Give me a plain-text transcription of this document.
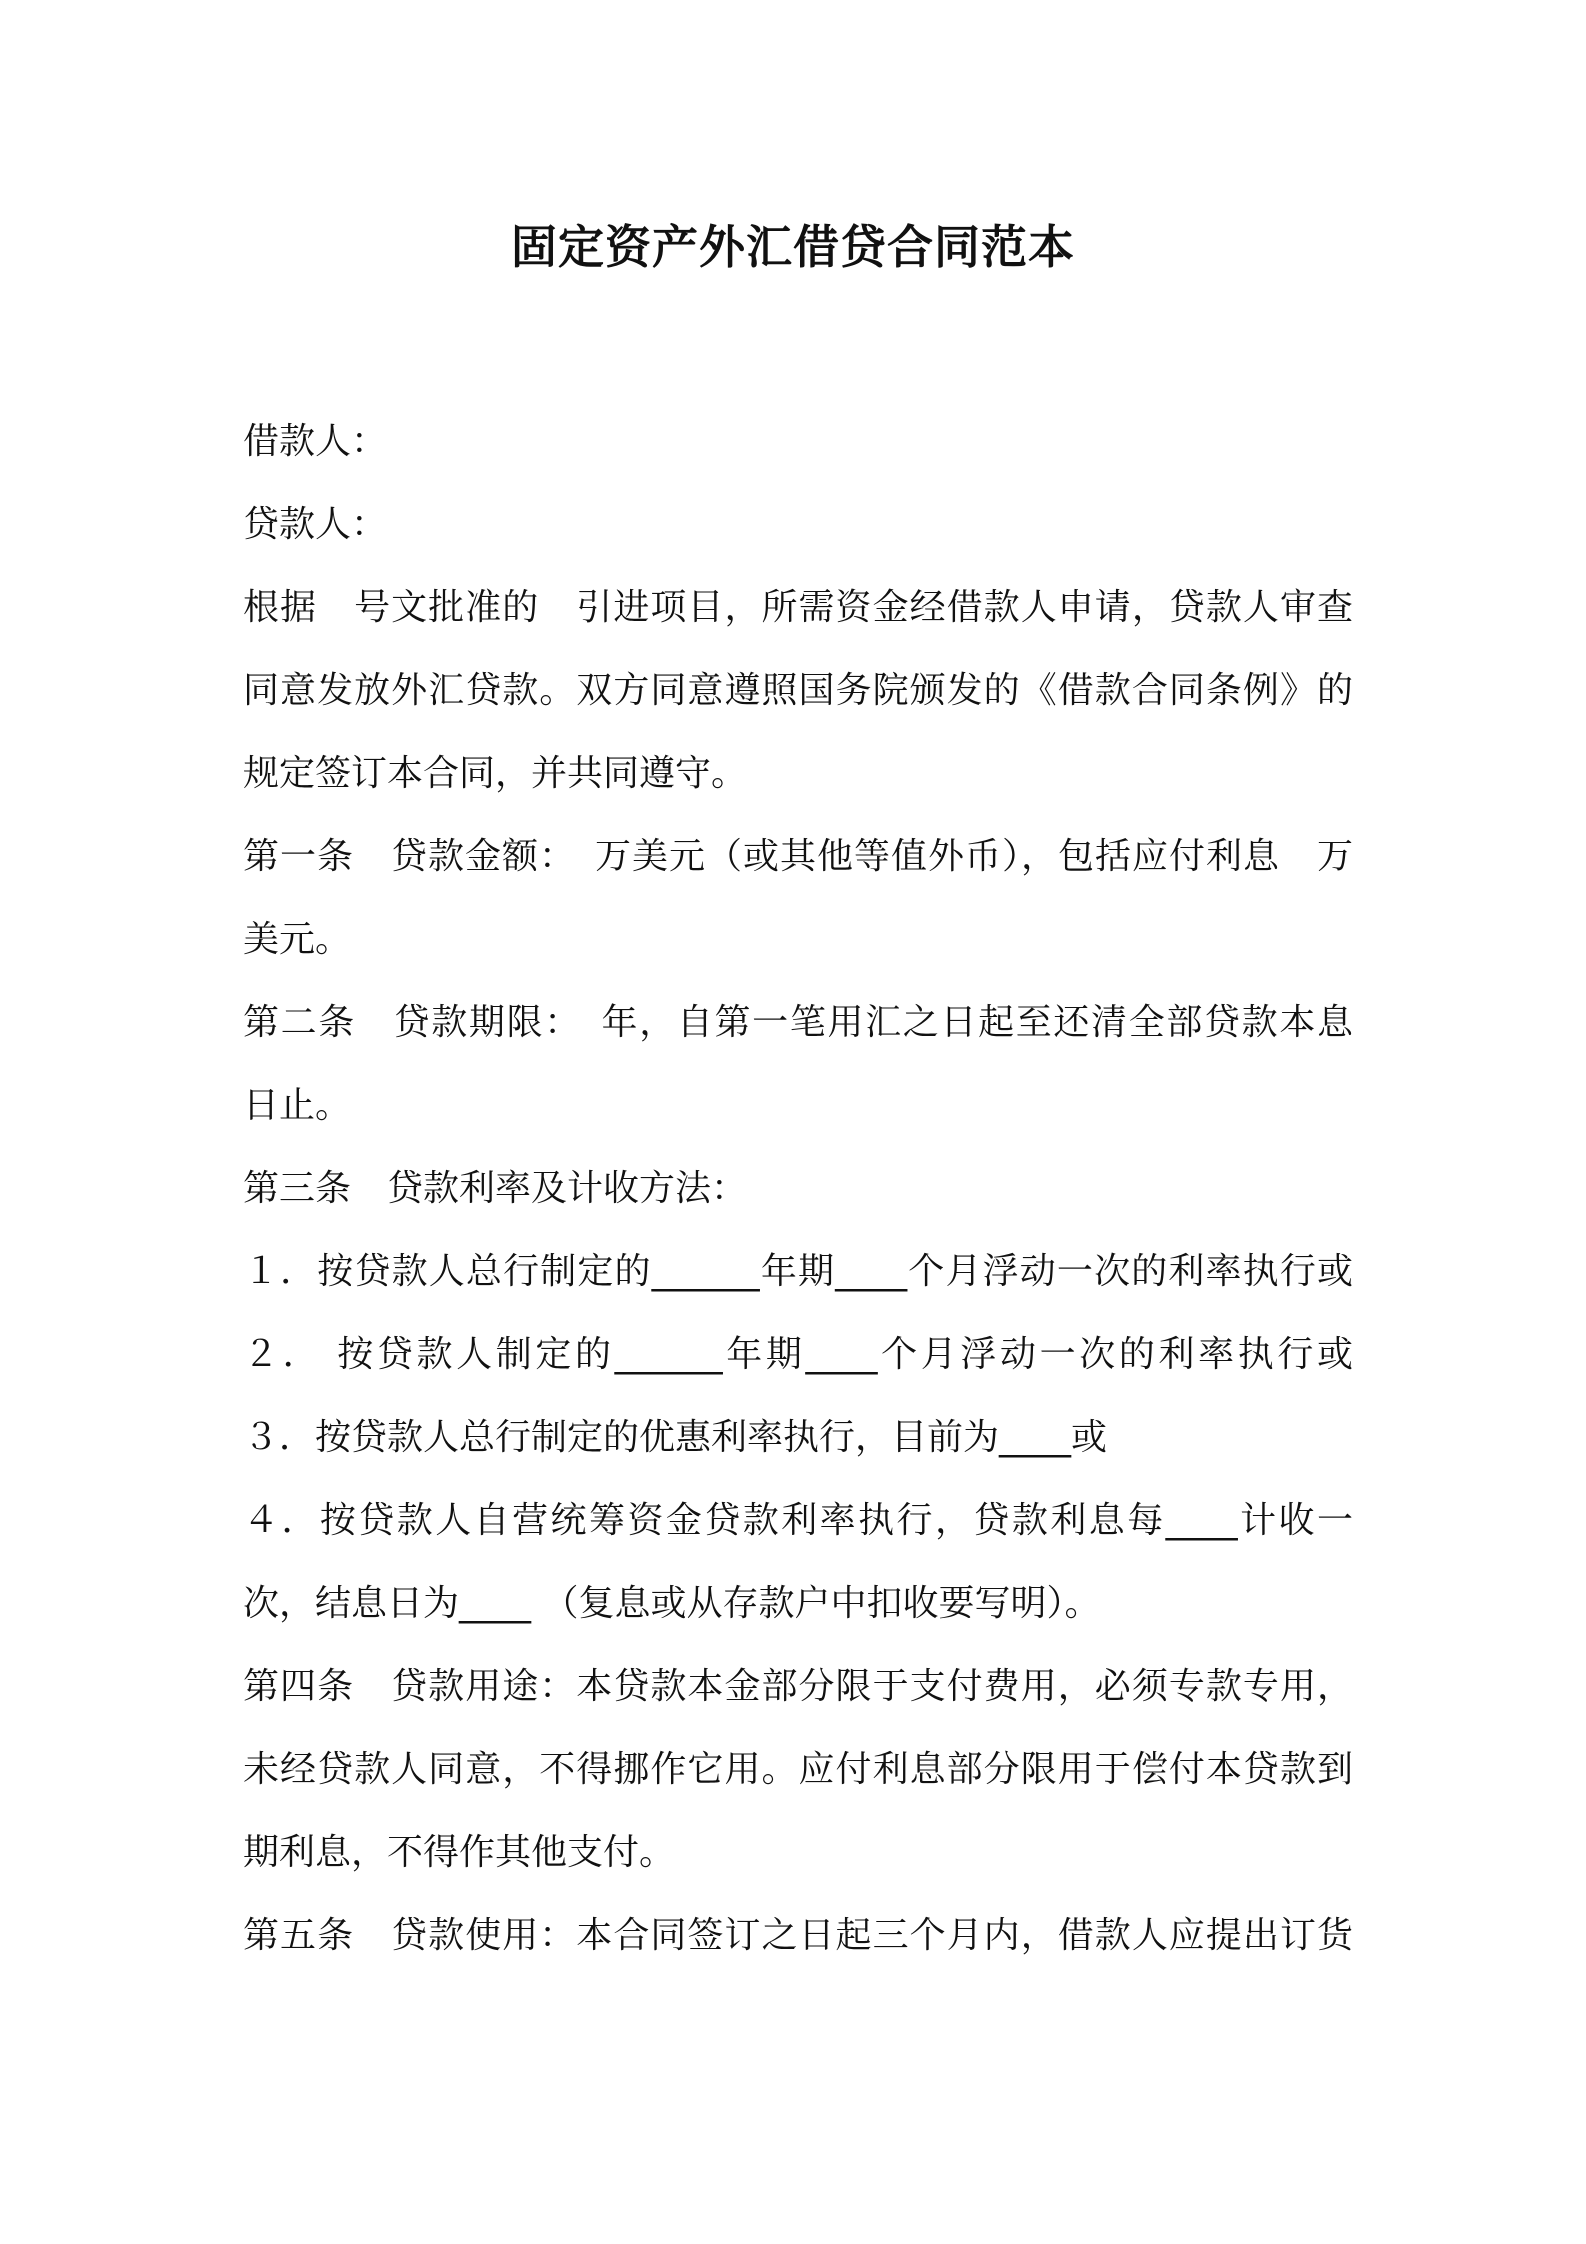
固定资产外汇借贷合同范本
借款人：
贷款人：
根据　号文批准的　引进项目，所需资金经借款人申请，贷款人审查
同意发放外汇贷款。双方同意遵照国务院颁发的《借款合同条例》的
规定签订本合同，并共同遵守。
第一条　贷款金额：　万美元（或其他等值外币），包括应付利息　万
美元。
第二条　贷款期限：　年，自第一笔用汇之日起至还清全部贷款本息
日止。
第三条　贷款利率及计收方法：
１．按贷款人总行制定的______年期____个月浮动一次的利率执行或
２． 按贷款人制定的______年期____个月浮动一次的利率执行或
３．按贷款人总行制定的优惠利率执行，目前为____或
４．按贷款人自营统筹资金贷款利率执行，贷款利息每____计收一
次，结息日为____ （复息或从存款户中扣收要写明）。
第四条　贷款用途：本贷款本金部分限于支付费用，必须专款专用，
未经贷款人同意，不得挪作它用。应付利息部分限用于偿付本贷款到
期利息，不得作其他支付。
第五条　贷款使用：本合同签订之日起三个月内，借款人应提出订货
